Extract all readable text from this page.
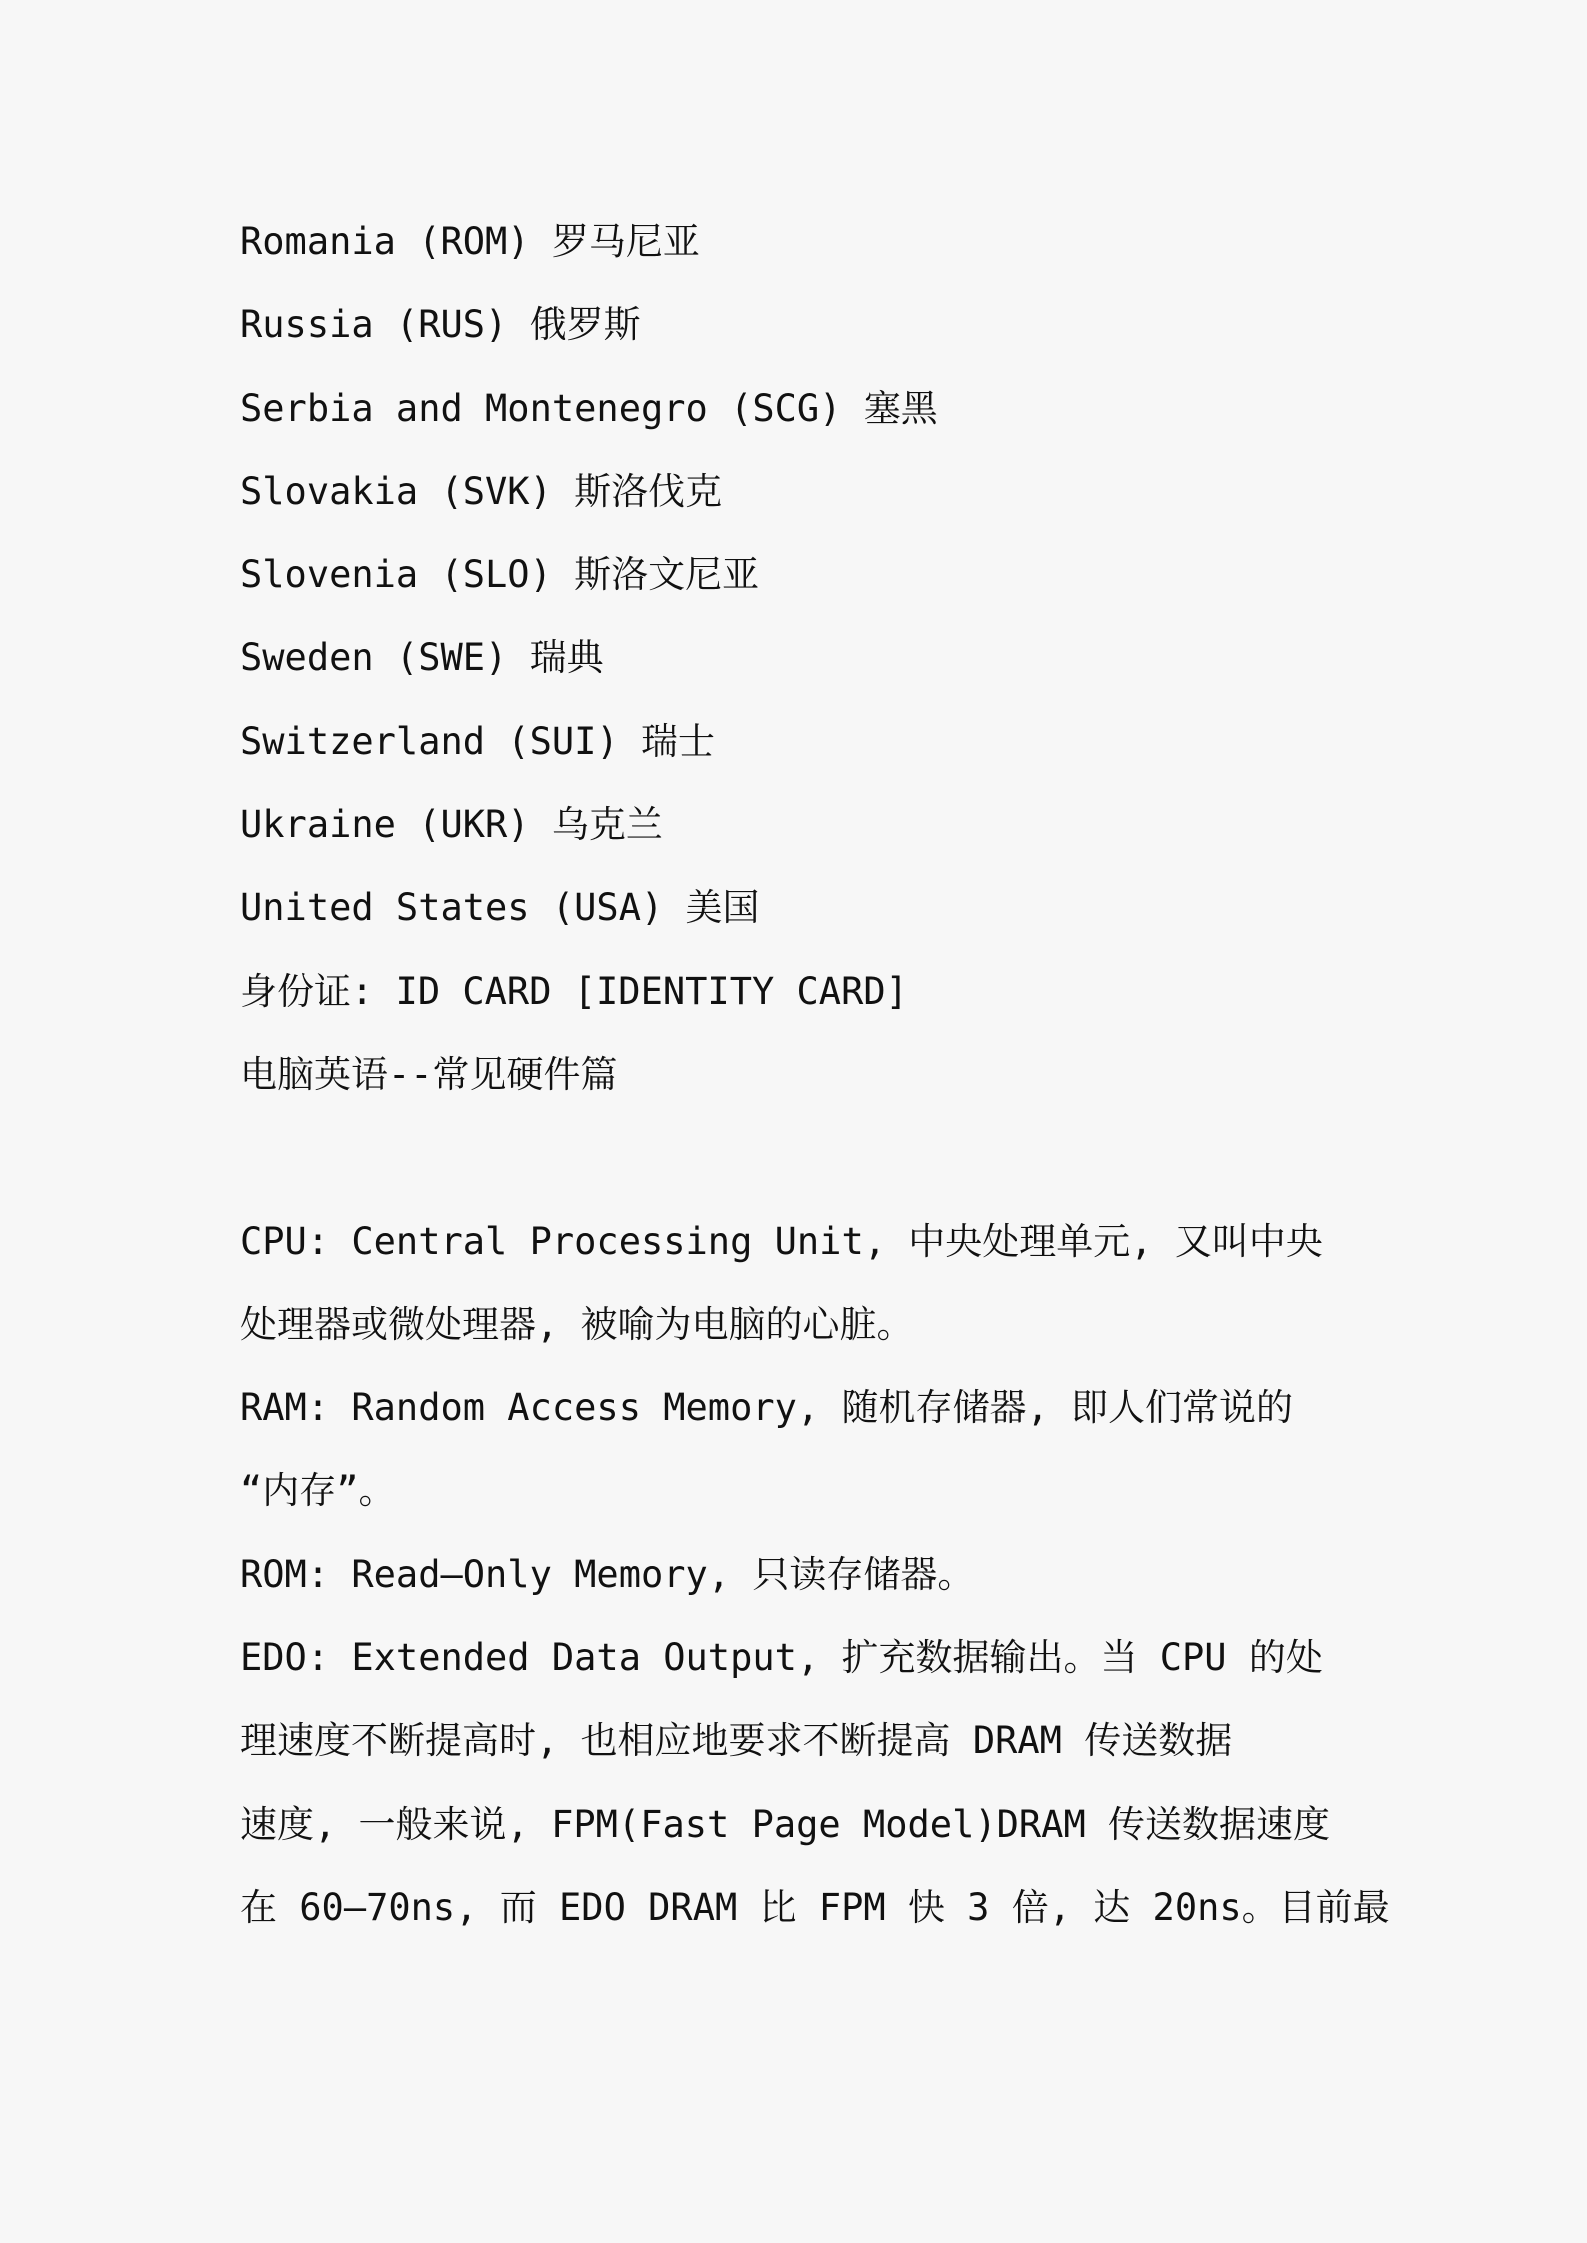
Romania (ROM) 罗马尼亚
Russia (RUS) 俄罗斯
Serbia and Montenegro (SCG) 塞黑
Slovakia (SVK) 斯洛伐克
Slovenia (SLO) 斯洛文尼亚
Sweden (SWE) 瑞典
Switzerland (SUI) 瑞士
Ukraine (UKR) 乌克兰
United States (USA) 美国
身份证: ID CARD [IDENTITY CARD]
电脑英语--常见硬件篇
CPU: Central Processing Unit, 中央处理单元, 又叫中央
处理器或微处理器, 被喻为电脑的心脏。
RAM: Random Access Memory, 随机存储器, 即人们常说的
“内存”。
ROM: Read—Only Memory, 只读存储器。
EDO: Extended Data Output, 扩充数据输出。当 CPU 的处
理速度不断提高时, 也相应地要求不断提高 DRAM 传送数据
速度, 一般来说, FPM(Fast Page Model)DRAM 传送数据速度
在 60—70ns, 而 EDO DRAM 比 FPM 快 3 倍, 达 20ns。目前最
